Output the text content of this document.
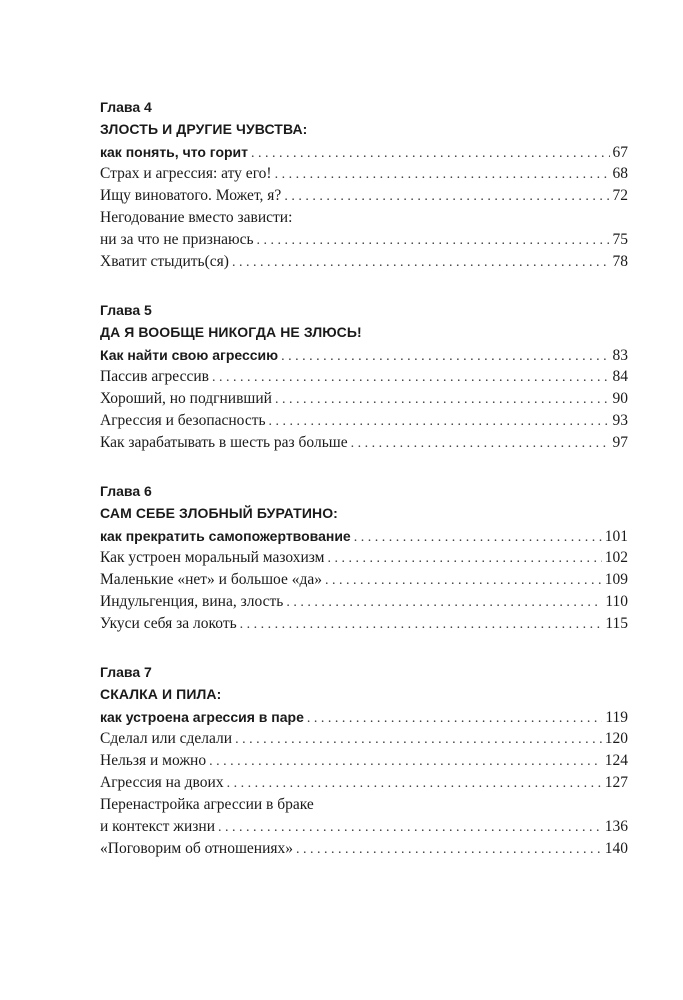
Глава 4
ЗЛОСТЬ И ДРУГИЕ ЧУВСТВА:
как понять, что горит . . .	67
Страх и агрессия: ату его! . . .	68
Ищу виноватого. Может, я? . . .	72
Негодование вместо зависти:
ни за что не признаюсь . . .	75
Хватит стыдить(ся) . . .	78
Глава 5
ДА Я ВООБЩЕ НИКОГДА НЕ ЗЛЮСЬ!
Как найти свою агрессию . . .	83
Пассив агрессив . . .	84
Хороший, но подгнивший . . .	90
Агрессия и безопасность . . .	93
Как зарабатывать в шесть раз больше . . .	97
Глава 6
САМ СЕБЕ ЗЛОБНЫЙ БУРАТИНО:
как прекратить самопожертвование . . .	101
Как устроен моральный мазохизм . . .	102
Маленькие «нет» и большое «да» . . .	109
Индульгенция, вина, злость . . .	110
Укуси себя за локоть . . .	115
Глава 7
СКАЛКА И ПИЛА:
как устроена агрессия в паре . . .	119
Сделал или сделали . . .	120
Нельзя и можно . . .	124
Агрессия на двоих . . .	127
Перенастройка агрессии в браке
и контекст жизни . . .	136
«Поговорим об отношениях» . . .	140
